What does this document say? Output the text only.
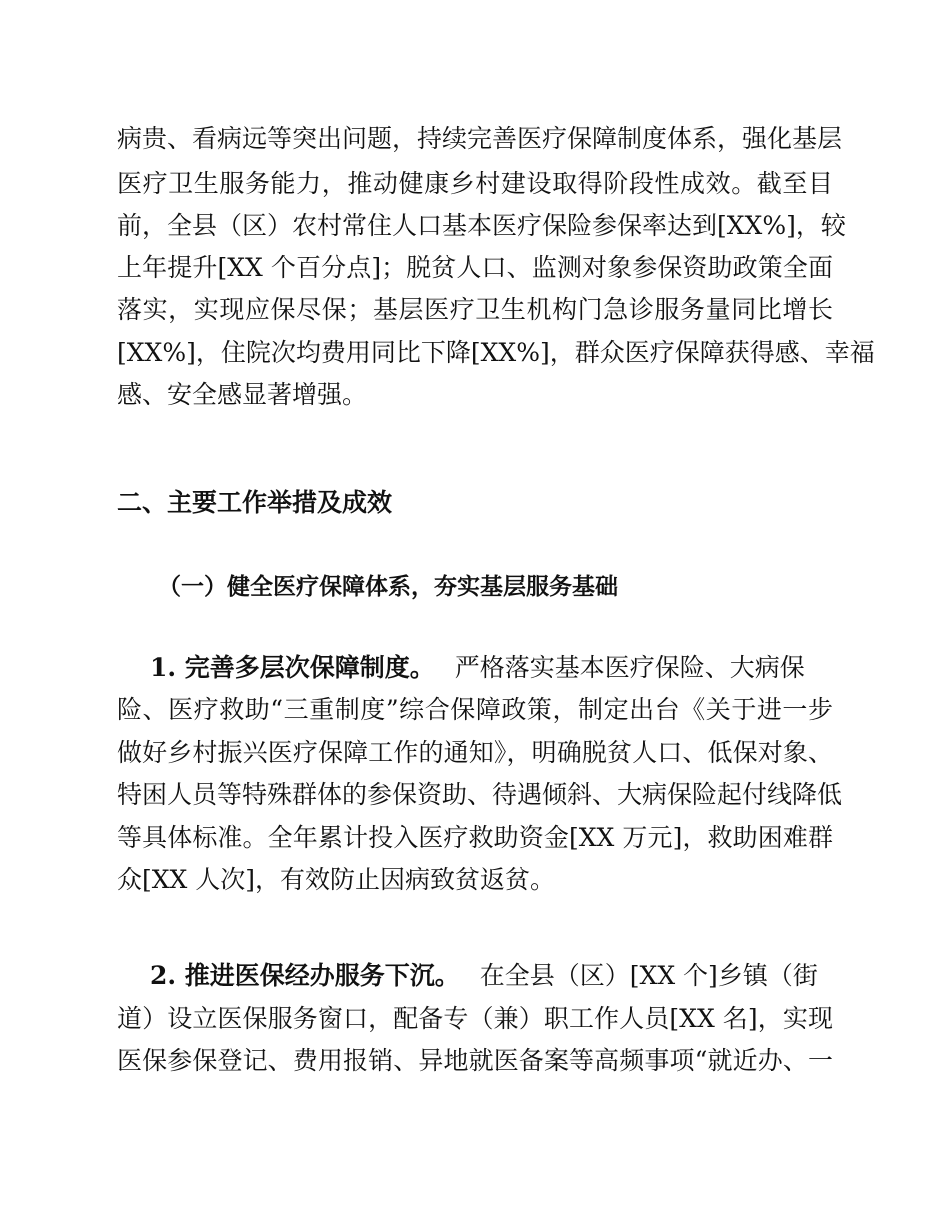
病贵、看病远等突出问题，持续完善医疗保障制度体系，强化基层
医疗卫生服务能力，推动健康乡村建设取得阶段性成效。截至目
前，全县（区）农村常住人口基本医疗保险参保率达到[XX%]，较
上年提升[XX 个百分点]；脱贫人口、监测对象参保资助政策全面
落实，实现应保尽保；基层医疗卫生机构门急诊服务量同比增长
[XX%]，住院次均费用同比下降[XX%]，群众医疗保障获得感、幸福
感、安全感显著增强。
二、主要工作举措及成效
（一）健全医疗保障体系，夯实基层服务基础
1. 完善多层次保障制度。 严格落实基本医疗保险、大病保
险、医疗救助“三重制度”综合保障政策，制定出台《关于进一步
做好乡村振兴医疗保障工作的通知》，明确脱贫人口、低保对象、
特困人员等特殊群体的参保资助、待遇倾斜、大病保险起付线降低
等具体标准。全年累计投入医疗救助资金[XX 万元]，救助困难群
众[XX 人次]，有效防止因病致贫返贫。
2. 推进医保经办服务下沉。 在全县（区）[XX 个]乡镇（街
道）设立医保服务窗口，配备专（兼）职工作人员[XX 名]，实现
医保参保登记、费用报销、异地就医备案等高频事项“就近办、一
